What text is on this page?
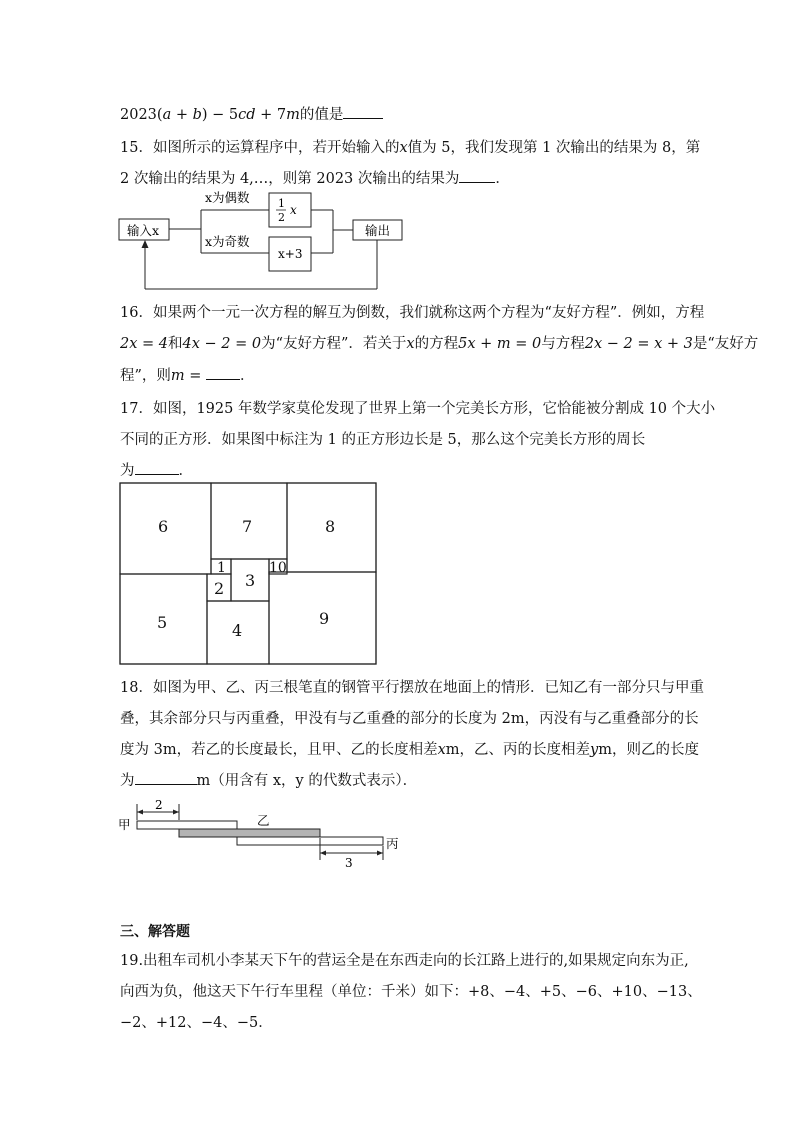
2023(a + b) − 5cd + 7m的值是
15．如图所示的运算程序中，若开始输入的x值为 5，我们发现第 1 次输出的结果为 8，第
2 次输出的结果为 4,…，则第 2023 次输出的结果为 ．
输入x
x为偶数
x为奇数
1
2
x
x+3
输出
16．如果两个一元一次方程的解互为倒数，我们就称这两个方程为“友好方程”．例如，方程
2x = 4和4x − 2 = 0为“友好方程”．若关于x的方程5x + m = 0与方程2x − 2 = x + 3是“友好方
程”，则m =	．
17．如图，1925 年数学家莫伦发现了世界上第一个完美长方形，它恰能被分割成 10 个大小
不同的正方形．如果图中标注为 1 的正方形边长是 5，那么这个完美长方形的周长
为	．
6	7	8
1	10
3
2
5	4
9
18．如图为甲、乙、丙三根笔直的钢管平行摆放在地面上的情形．已知乙有一部分只与甲重
叠，其余部分只与丙重叠，甲没有与乙重叠的部分的长度为 2m，丙没有与乙重叠部分的长
度为 3m，若乙的长度最长，且甲、乙的长度相差xm，乙、丙的长度相差ym，则乙的长度
为	m（用含有 x，y 的代数式表示）．
甲
2
乙
丙
3
三、解答题
19.出租车司机小李某天下午的营运全是在东西走向的长江路上进行的,如果规定向东为正,
向西为负，他这天下午行车里程（单位：千米）如下：+8、−4、+5、−6、+10、−13、
−2、+12、−4、−5．
